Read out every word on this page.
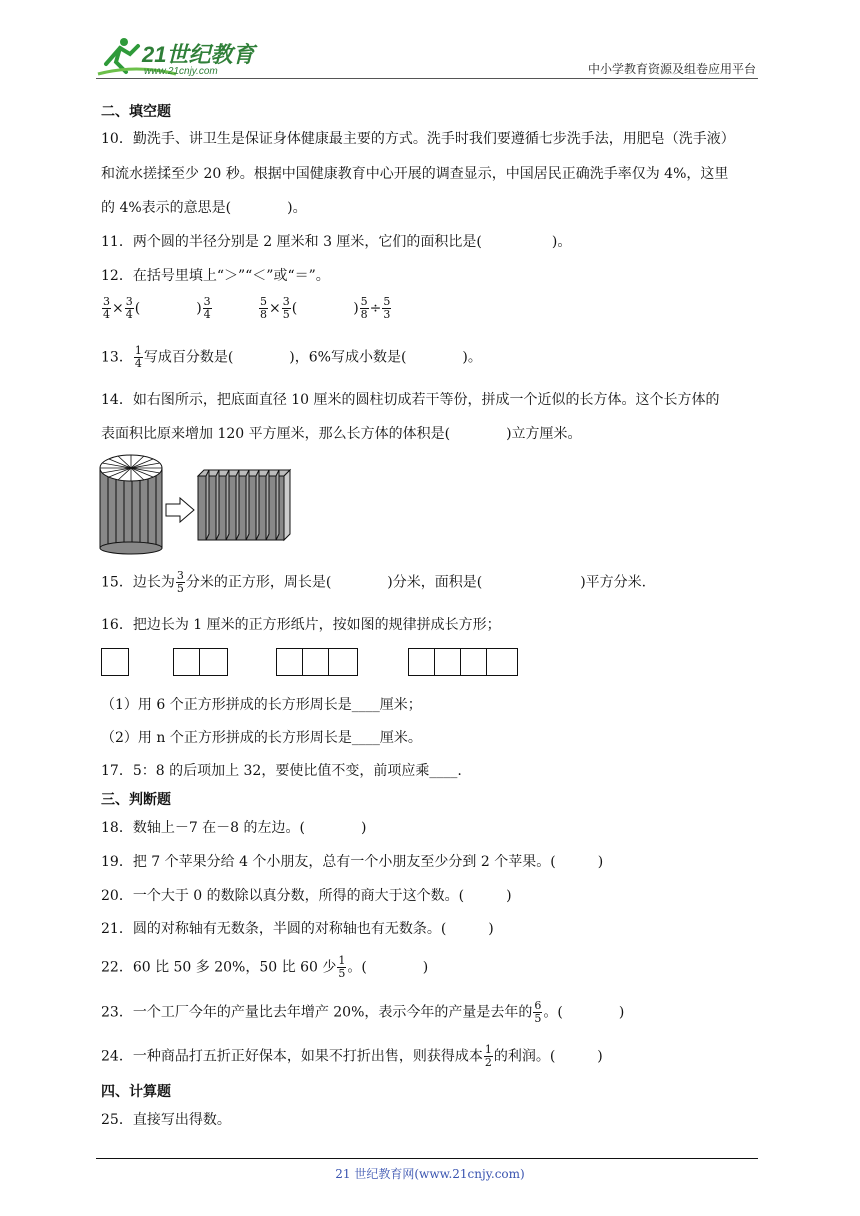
21世纪教育
www.21cnjy.com	中小学教育资源及组卷应用平台
二、填空题
10．勤洗手、讲卫生是保证身体健康最主要的方式。洗手时我们要遵循七步洗手法，用肥皂（洗手液）
和流水搓揉至少 20 秒。根据中国健康教育中心开展的调查显示，中国居民正确洗手率仅为 4%，这里
的 4%表示的意思是(　　　　)。
11．两个圆的半径分别是 2 厘米和 3 厘米，它们的面积比是(　　　　　)。
12．在括号里填上“＞”“＜”或“＝”。
$\frac{3}{4} \times \frac{3}{4}$ (　　　　) $\frac{3}{4}$	$\frac{5}{8} \times \frac{3}{5}$ (　　　　) $\frac{5}{8} \div \frac{5}{3}$
13． $\frac{1}{4}$ 写成百分数是(　　　　)，6%写成小数是(　　　　)。
14．如右图所示，把底面直径 10 厘米的圆柱切成若干等份，拼成一个近似的长方体。这个长方体的
表面积比原来增加 120 平方厘米，那么长方体的体积是(　　　　)立方厘米。
15．边长为 $\frac{3}{5}$ 分米的正方形，周长是(　　　　)分米，面积是(　　　　　　　)平方分米.
16．把边长为 1 厘米的正方形纸片，按如图的规律拼成长方形；
（1）用 6 个正方形拼成的长方形周长是____厘米；
（2）用 n 个正方形拼成的长方形周长是____厘米。
17．5：8 的后项加上 32，要使比值不变，前项应乘____.
三、判断题
18．数轴上－7 在－8 的左边。(　　　　)
19．把 7 个苹果分给 4 个小朋友，总有一个小朋友至少分到 2 个苹果。(　　　)
20．一个大于 0 的数除以真分数，所得的商大于这个数。(　　　)
21．圆的对称轴有无数条，半圆的对称轴也有无数条。(　　　)
22．60 比 50 多 20%，50 比 60 少 $\frac{1}{5}$ 。(　　　　)
23．一个工厂今年的产量比去年增产 20%，表示今年的产量是去年的 $\frac{6}{5}$ 。(　　　　)
24．一种商品打五折正好保本，如果不打折出售，则获得成本 $\frac{1}{2}$ 的利润。(　　　)
四、计算题
25．直接写出得数。
21 世纪教育网(www.21cnjy.com)
